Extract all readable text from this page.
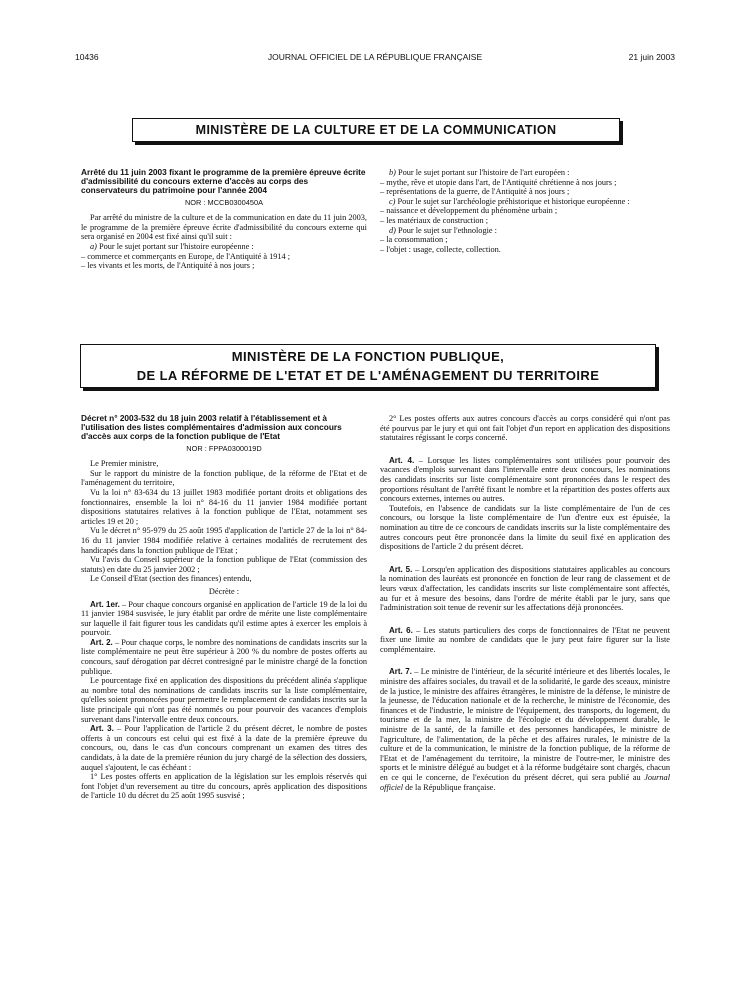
10436	JOURNAL OFFICIEL DE LA RÉPUBLIQUE FRANÇAISE	21 juin 2003
MINISTÈRE DE LA CULTURE ET DE LA COMMUNICATION
Arrêté du 11 juin 2003 fixant le programme de la première épreuve écrite d'admissibilité du concours externe d'accès au corps des conservateurs du patrimoine pour l'année 2004
NOR : MCCB0300450A

Par arrêté du ministre de la culture et de la communication en date du 11 juin 2003, le programme de la première épreuve écrite d'admissibilité du concours externe qui sera organisé en 2004 est fixé ainsi qu'il suit :

a) Pour le sujet portant sur l'histoire européenne :

– commerce et commerçants en Europe, de l'Antiquité à 1914 ;

– les vivants et les morts, de l'Antiquité à nos jours ;

b) Pour le sujet portant sur l'histoire de l'art européen :

– mythe, rêve et utopie dans l'art, de l'Antiquité chrétienne à nos jours ;

– représentations de la guerre, de l'Antiquité à nos jours ;

c) Pour le sujet sur l'archéologie préhistorique et historique européenne :

– naissance et développement du phénomène urbain ;

– les matériaux de construction ;

d) Pour le sujet sur l'ethnologie :

– la consommation ;

– l'objet : usage, collecte, collection.

MINISTÈRE DE LA FONCTION PUBLIQUE,
DE LA RÉFORME DE L'ETAT ET DE L'AMÉNAGEMENT DU TERRITOIRE
Décret n° 2003-532 du 18 juin 2003 relatif à l'établissement et à l'utilisation des listes complémentaires d'admission aux concours d'accès aux corps de la fonction publique de l'Etat
NOR : FPPA0300019D

Le Premier ministre,

Sur le rapport du ministre de la fonction publique, de la réforme de l'Etat et de l'aménagement du territoire,

Vu la loi n° 83-634 du 13 juillet 1983 modifiée portant droits et obligations des fonctionnaires, ensemble la loi n° 84-16 du 11 janvier 1984 modifiée portant dispositions statutaires relatives à la fonction publique de l'Etat, notamment ses articles 19 et 20 ;

Vu le décret n° 95-979 du 25 août 1995 d'application de l'article 27 de la loi n° 84-16 du 11 janvier 1984 modifiée relative à certaines modalités de recrutement des handicapés dans la fonction publique de l'Etat ;

Vu l'avis du Conseil supérieur de la fonction publique de l'Etat (commission des statuts) en date du 25 janvier 2002 ;

Le Conseil d'Etat (section des finances) entendu,

Décrète :

Art. 1er. – Pour chaque concours organisé en application de l'article 19 de la loi du 11 janvier 1984 susvisée, le jury établit par ordre de mérite une liste complémentaire sur laquelle il fait figurer tous les candidats qu'il estime aptes à exercer les emplois à pourvoir.

Art. 2. – Pour chaque corps, le nombre des nominations de candidats inscrits sur la liste complémentaire ne peut être supérieur à 200 % du nombre de postes offerts au concours, sauf dérogation par décret contresigné par le ministre chargé de la fonction publique.

Le pourcentage fixé en application des dispositions du précédent alinéa s'applique au nombre total des nominations de candidats inscrits sur la liste complémentaire, qu'elles soient prononcées pour permettre le remplacement de candidats inscrits sur la liste principale qui n'ont pas été nommés ou pour pourvoir des vacances d'emplois survenant dans l'intervalle entre deux concours.

Art. 3. – Pour l'application de l'article 2 du présent décret, le nombre de postes offerts à un concours est celui qui est fixé à la date de la première épreuve du concours, ou, dans le cas d'un concours comprenant un examen des titres des candidats, à la date de la première réunion du jury chargé de la sélection des dossiers, auquel s'ajoutent, le cas échéant :

1° Les postes offerts en application de la législation sur les emplois réservés qui font l'objet d'un reversement au titre du concours, après application des dispositions de l'article 10 du décret du 25 août 1995 susvisé ;

2° Les postes offerts aux autres concours d'accès au corps considéré qui n'ont pas été pourvus par le jury et qui ont fait l'objet d'un report en application des dispositions statutaires régissant le corps concerné.

Art. 4. – Lorsque les listes complémentaires sont utilisées pour pourvoir des vacances d'emplois survenant dans l'intervalle entre deux concours, les nominations des candidats inscrits sur liste complémentaire sont prononcées dans le respect des proportions résultant de l'arrêté fixant le nombre et la répartition des postes offerts aux concours externes, internes ou autres.

Toutefois, en l'absence de candidats sur la liste complémentaire de l'un de ces concours, ou lorsque la liste complémentaire de l'un d'entre eux est épuisée, la nomination au titre de ce concours de candidats inscrits sur la liste complémentaire des autres concours peut être prononcée dans la limite du seuil fixé en application des dispositions de l'article 2 du présent décret.

Art. 5. – Lorsqu'en application des dispositions statutaires applicables au concours la nomination des lauréats est prononcée en fonction de leur rang de classement et de leurs vœux d'affectation, les candidats inscrits sur liste complémentaire sont affectés, au fur et à mesure des besoins, dans l'ordre de mérite établi par le jury, sans que l'administration soit tenue de revenir sur les affectations déjà prononcées.

Art. 6. – Les statuts particuliers des corps de fonctionnaires de l'Etat ne peuvent fixer une limite au nombre de candidats que le jury peut faire figurer sur la liste complémentaire.

Art. 7. – Le ministre de l'intérieur, de la sécurité intérieure et des libertés locales, le ministre des affaires sociales, du travail et de la solidarité, le garde des sceaux, ministre de la justice, le ministre des affaires étrangères, le ministre de la défense, le ministre de la jeunesse, de l'éducation nationale et de la recherche, le ministre de l'économie, des finances et de l'industrie, le ministre de l'équipement, des transports, du logement, du tourisme et de la mer, la ministre de l'écologie et du développement durable, le ministre de la santé, de la famille et des personnes handicapées, le ministre de l'agriculture, de l'alimentation, de la pêche et des affaires rurales, le ministre de la culture et de la communication, le ministre de la fonction publique, de la réforme de l'Etat et de l'aménagement du territoire, la ministre de l'outre-mer, le ministre des sports et le ministre délégué au budget et à la réforme budgétaire sont chargés, chacun en ce qui le concerne, de l'exécution du présent décret, qui sera publié au Journal officiel de la République française.
